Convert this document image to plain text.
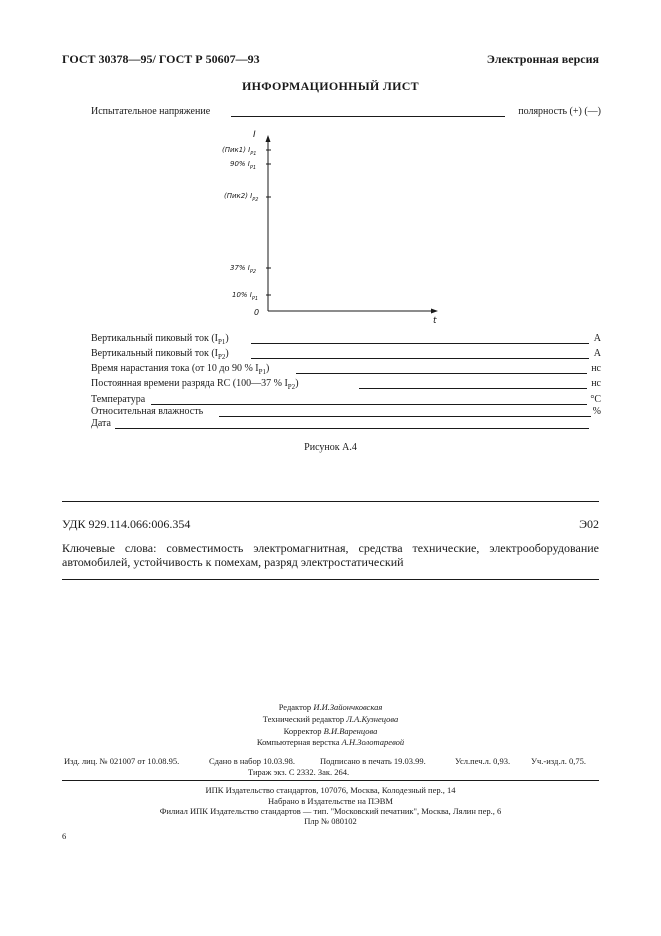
ГОСТ 30378—95/ ГОСТ Р 50607—93	Электронная версия
ИНФОРМАЦИОННЫЙ ЛИСТ
Испытательное напряжение	полярность (+) (—)
I
t
0
(Пик1) $I_{P1}$
90% $I_{P1}$
(Пик2) $I_{P2}$
37% $I_{P2}$
10% $I_{P1}$
Вертикальный пиковый ток $(I_{P1})$	А
Вертикальный пиковый ток $(I_{P2})$	А
Время нарастания тока (от 10 до 90 % $I_{P1}$)	нс
Постоянная времени разряда RC (100—37 % $I_{P2}$)	нс
Температура	°С
Относительная влажность	%
Дата
Рисунок А.4
УДК 929.114.066:006.354	Э02
Ключевые слова: совместимость электромагнитная, средства технические, электрооборудование
автомобилей, устойчивость к помехам, разряд электростатический
Редактор И.И.Зайончковская
Технический редактор Л.А.Кузнецова
Корректор В.И.Варенцова
Компьютерная верстка А.Н.Золотаревой
Изд. лиц. № 021007 от 10.08.95.	Сдано в набор 10.03.98.	Подписано в печать 19.03.99.	Усл.печ.л. 0,93. Уч.-изд.л. 0,75.
Тираж экз. С 2332. Зак. 264.
ИПК Издательство стандартов, 107076, Москва, Колодезный пер., 14
Набрано в Издательстве на ПЭВМ
Филиал ИПК Издательство стандартов — тип. "Московский печатник", Москва, Лялин пер., 6
Плр № 080102
6
